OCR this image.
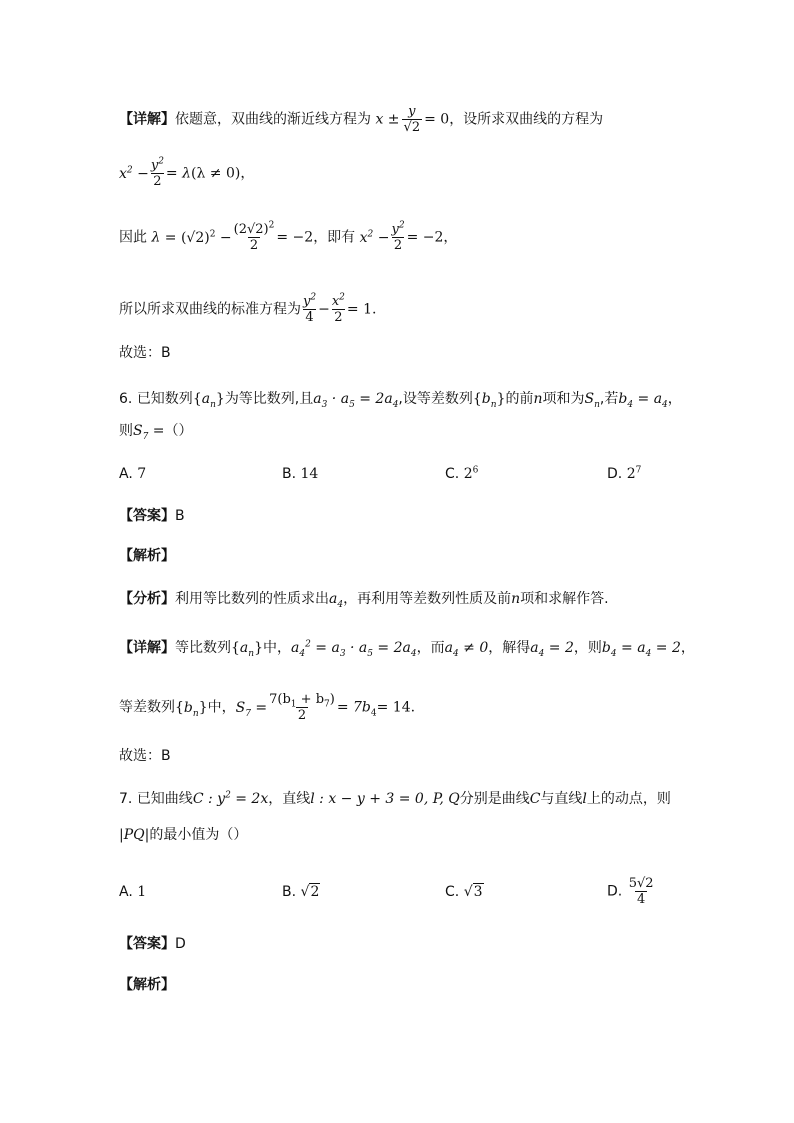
【详解】依题意，双曲线的渐近线方程为 $x \pm \frac{y}{√2} = 0$，设所求双曲线的方程为
$x^2 - \frac{y^2}{2} = \lambda(\lambda \ne 0)$，
因此 $\lambda = (√2)^2 - \frac{(2√2)^2}{2} = -2$，即有 $x^2 - \frac{y^2}{2} = -2$，
所以所求双曲线的标准方程为 $\frac{y^2}{4} - \frac{x^2}{2} = 1$.
故选：B
6. 已知数列$\{a_n\}$为等比数列,且$a_3 \cdot a_5 = 2a_4$,设等差数列$\{b_n\}$的前n项和为$S_n$,若$b_4 = a_4$，
则$S_7$ =（）
A. 7	B. 14	C. $2^6$	D. $2^7$
【答案】B
【解析】
【分析】利用等比数列的性质求出$a_4$，再利用等差数列性质及前n项和求解作答.
【详解】等比数列$\{a_n\}$中，$a_4^2 = a_3 \cdot a_5 = 2a_4$，而$a_4 \ne 0$，解得$a_4 = 2$，则$b_4 = a_4 = 2$，
等差数列$\{b_n\}$中，$S_7 = \frac{7(b_1 + b_7)}{2} = 7b_4= 14$.
故选：B
7. 已知曲线C : $y^2 = 2x$，直线l : x − y + 3 = 0, P, Q分别是曲线C与直线l上的动点，则
|PQ|的最小值为（）
A. 1	B. √2	C. √3	D. $\frac{5√2}{4}$
【答案】D
【解析】
